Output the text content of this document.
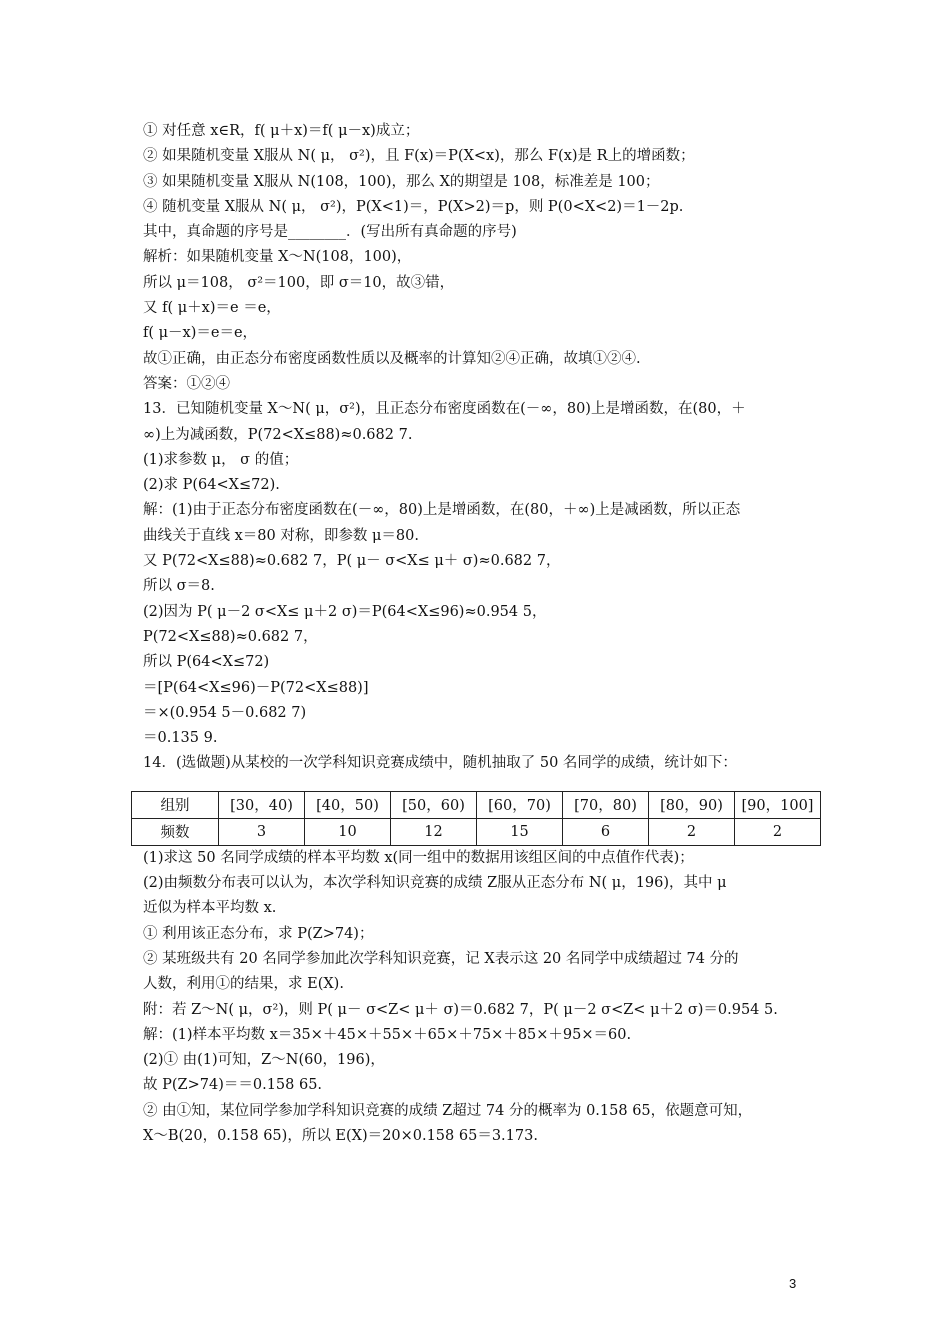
① 对任意 x∈R，f( μ＋x)＝f( μ－x)成立；
② 如果随机变量 X服从 N( μ， σ²)，且 F(x)＝P(X<x)，那么 F(x)是 R上的增函数；
③ 如果随机变量 X服从 N(108，100)，那么 X的期望是 108，标准差是 100；
④ 随机变量 X服从 N( μ， σ²)，P(X<1)＝，P(X>2)＝p，则 P(0<X<2)＝1－2p.
其中，真命题的序号是________．(写出所有真命题的序号)
解析：如果随机变量 X～N(108，100)，
所以 μ＝108， σ²＝100，即 σ＝10，故③错，
又 f( μ＋x)＝e ＝e，
f( μ－x)＝e＝e，
故①正确，由正态分布密度函数性质以及概率的计算知②④正确，故填①②④.
答案：①②④
13．已知随机变量 X～N( μ，σ²)，且正态分布密度函数在(－∞，80)上是增函数，在(80，＋
∞)上为减函数，P(72<X≤88)≈0.682 7.
(1)求参数 μ， σ 的值；
(2)求 P(64<X≤72).
解：(1)由于正态分布密度函数在(－∞，80)上是增函数，在(80，＋∞)上是减函数，所以正态
曲线关于直线 x＝80 对称，即参数 μ＝80.
又 P(72<X≤88)≈0.682 7，P( μ－ σ<X≤ μ＋ σ)≈0.682 7，
所以 σ＝8.
(2)因为 P( μ－2 σ<X≤ μ＋2 σ)＝P(64<X≤96)≈0.954 5，
P(72<X≤88)≈0.682 7，
所以 P(64<X≤72)
＝[P(64<X≤96)－P(72<X≤88)]
＝×(0.954 5－0.682 7)
＝0.135 9.
14．(选做题)从某校的一次学科知识竞赛成绩中，随机抽取了 50 名同学的成绩，统计如下：
组别	[30，40)	[40，50)	[50，60)	[60，70)	[70，80)	[80，90)	[90，100]
频数	3	10	12	15	6	2	2
(1)求这 50 名同学成绩的样本平均数 x(同一组中的数据用该组区间的中点值作代表)；
(2)由频数分布表可以认为，本次学科知识竞赛的成绩 Z服从正态分布 N( μ，196)，其中 μ
近似为样本平均数 x.
① 利用该正态分布，求 P(Z>74)；
② 某班级共有 20 名同学参加此次学科知识竞赛，记 X表示这 20 名同学中成绩超过 74 分的
人数，利用①的结果，求 E(X).
附：若 Z～N( μ，σ²)，则 P( μ－ σ<Z< μ＋ σ)＝0.682 7，P( μ－2 σ<Z< μ＋2 σ)＝0.954 5.
解：(1)样本平均数 x＝35×＋45×＋55×＋65×＋75×＋85×＋95×＝60.
(2)① 由(1)可知，Z～N(60，196)，
故 P(Z>74)＝＝0.158 65.
② 由①知，某位同学参加学科知识竞赛的成绩 Z超过 74 分的概率为 0.158 65，依题意可知，
X～B(20，0.158 65)，所以 E(X)＝20×0.158 65＝3.173.
3
